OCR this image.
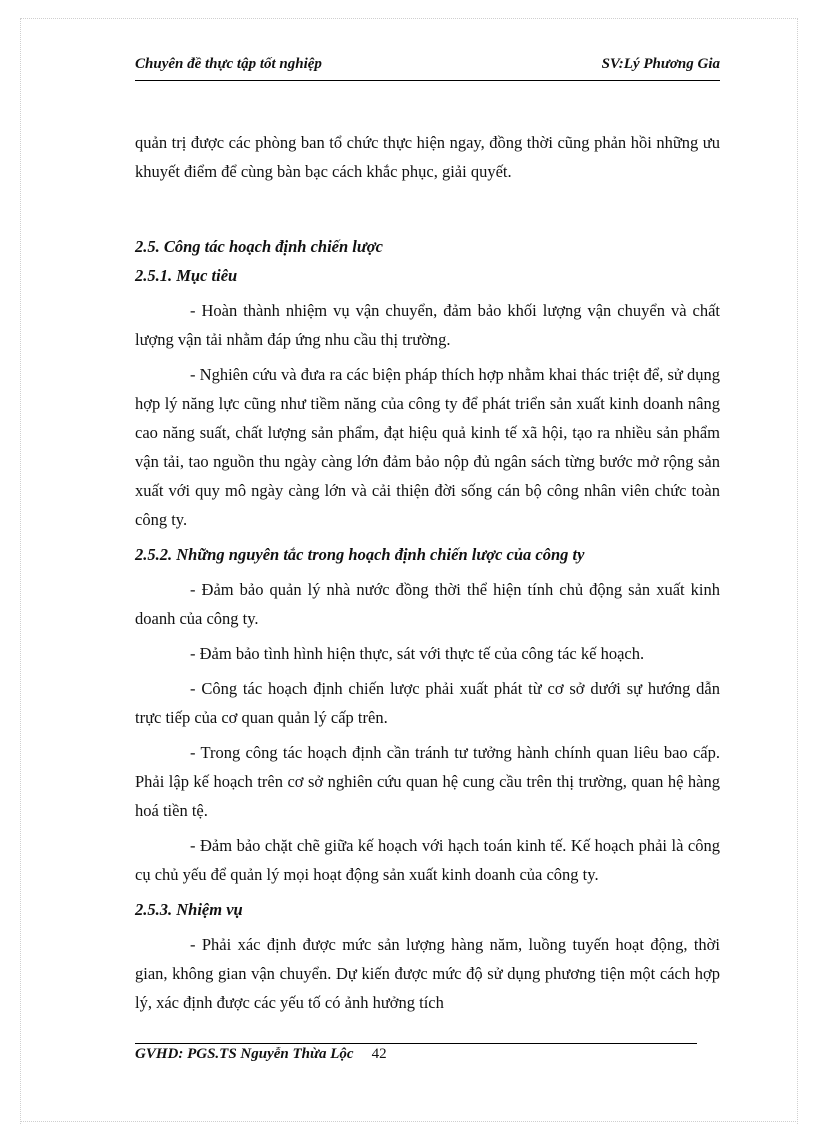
Chuyên đề thực tập tốt nghiệp	SV:Lý Phương Gia

quản trị được các phòng ban tổ chức thực hiện ngay, đồng thời cũng phản hồi những ưu khuyết điểm để cùng bàn bạc cách khắc phục, giải quyết.

2.5. Công tác hoạch định chiến lược

2.5.1. Mục tiêu

- Hoàn thành nhiệm vụ vận chuyển, đảm bảo khối lượng vận chuyển và chất lượng vận tải nhằm đáp ứng nhu cầu thị trường.

- Nghiên cứu và đưa ra các biện pháp thích hợp nhằm khai thác triệt để, sử dụng hợp lý năng lực cũng như tiềm năng của công ty để phát triển sản xuất kinh doanh nâng cao năng suất, chất lượng sản phẩm, đạt hiệu quả kinh tế xã hội, tạo ra nhiều sản phẩm vận tải, tao nguồn thu ngày càng lớn đảm bảo nộp đủ ngân sách từng bước mở rộng sản xuất với quy mô ngày càng lớn và cải thiện đời sống cán bộ công nhân viên chức toàn công ty.

2.5.2. Những nguyên tắc trong hoạch định chiến lược của công ty

- Đảm bảo quản lý nhà nước đồng thời thể hiện tính chủ động sản xuất kinh doanh của công ty.

- Đảm bảo tình hình hiện thực, sát với thực tế của công tác kế hoạch.

- Công tác hoạch định chiến lược phải xuất phát từ cơ sở dưới sự hướng dẫn trực tiếp của cơ quan quản lý cấp trên.

- Trong công tác hoạch định cần tránh tư tưởng hành chính quan liêu bao cấp. Phải lập kế hoạch trên cơ sở nghiên cứu quan hệ cung cầu trên thị trường, quan hệ hàng hoá tiền tệ.

- Đảm bảo chặt chẽ giữa kế hoạch với hạch toán kinh tế. Kế hoạch phải là công cụ chủ yếu để quản lý mọi hoạt động sản xuất kinh doanh của công ty.

2.5.3. Nhiệm vụ

- Phải xác định được mức sản lượng hàng năm, luồng tuyến hoạt động, thời gian, không gian vận chuyển. Dự kiến được mức độ sử dụng phương tiện một cách hợp lý, xác định được các yếu tố có ảnh hưởng tích

GVHD: PGS.TS Nguyễn Thừa Lộc 42
